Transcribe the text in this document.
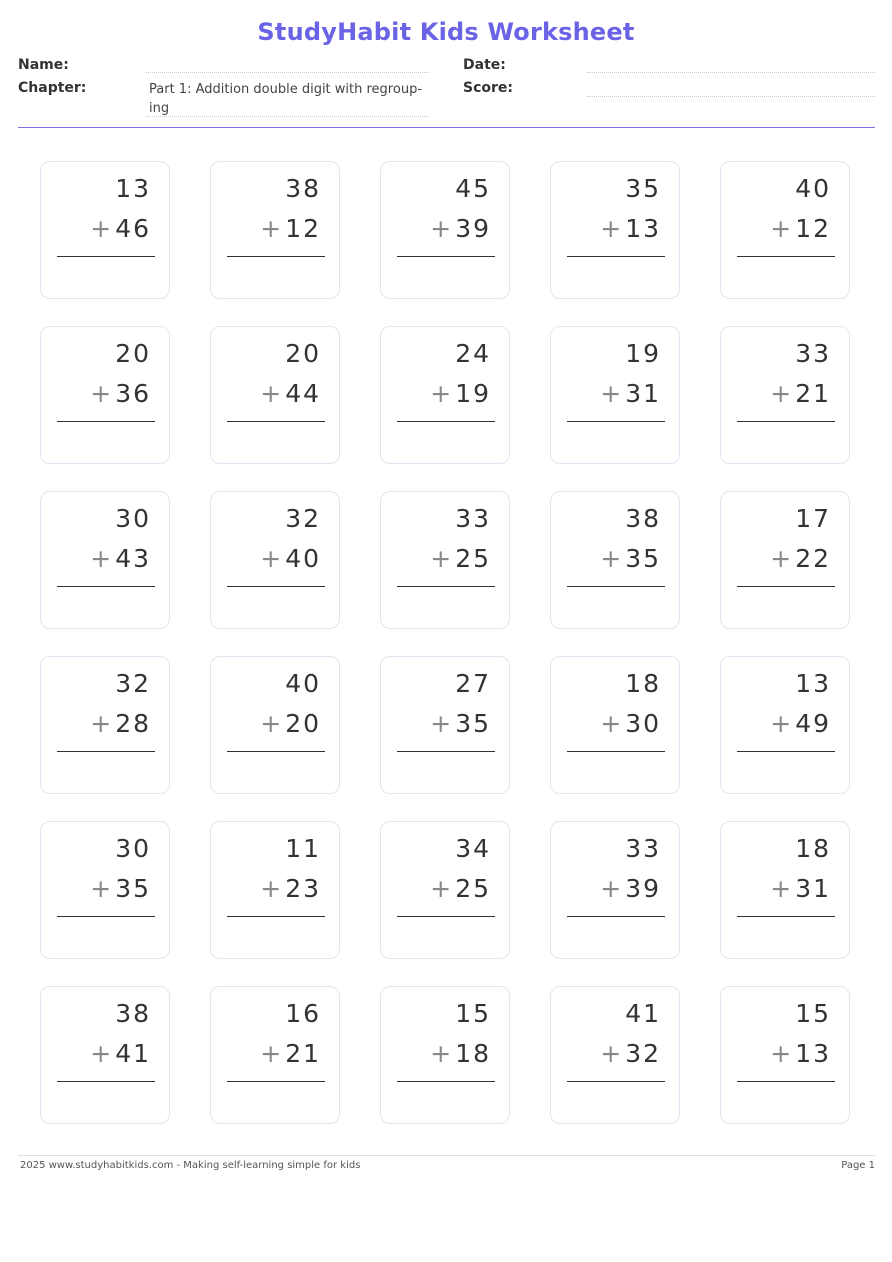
StudyHabit Kids Worksheet
Name:
Chapter:	Part 1: Addition double digit with regroup-
ing
Date:
Score:
13
+ 46
38
+ 12
45
+ 39
35
+ 13
40
+ 12
20
+ 36
20
+ 44
24
+ 19
19
+ 31
33
+ 21
30
+ 43
32
+ 40
33
+ 25
38
+ 35
17
+ 22
32
+ 28
40
+ 20
27
+ 35
18
+ 30
13
+ 49
30
+ 35
11
+ 23
34
+ 25
33
+ 39
18
+ 31
38
+ 41
16
+ 21
15
+ 18
41
+ 32
15
+ 13
2025 www.studyhabitkids.com - Making self-learning simple for kids	Page 1
